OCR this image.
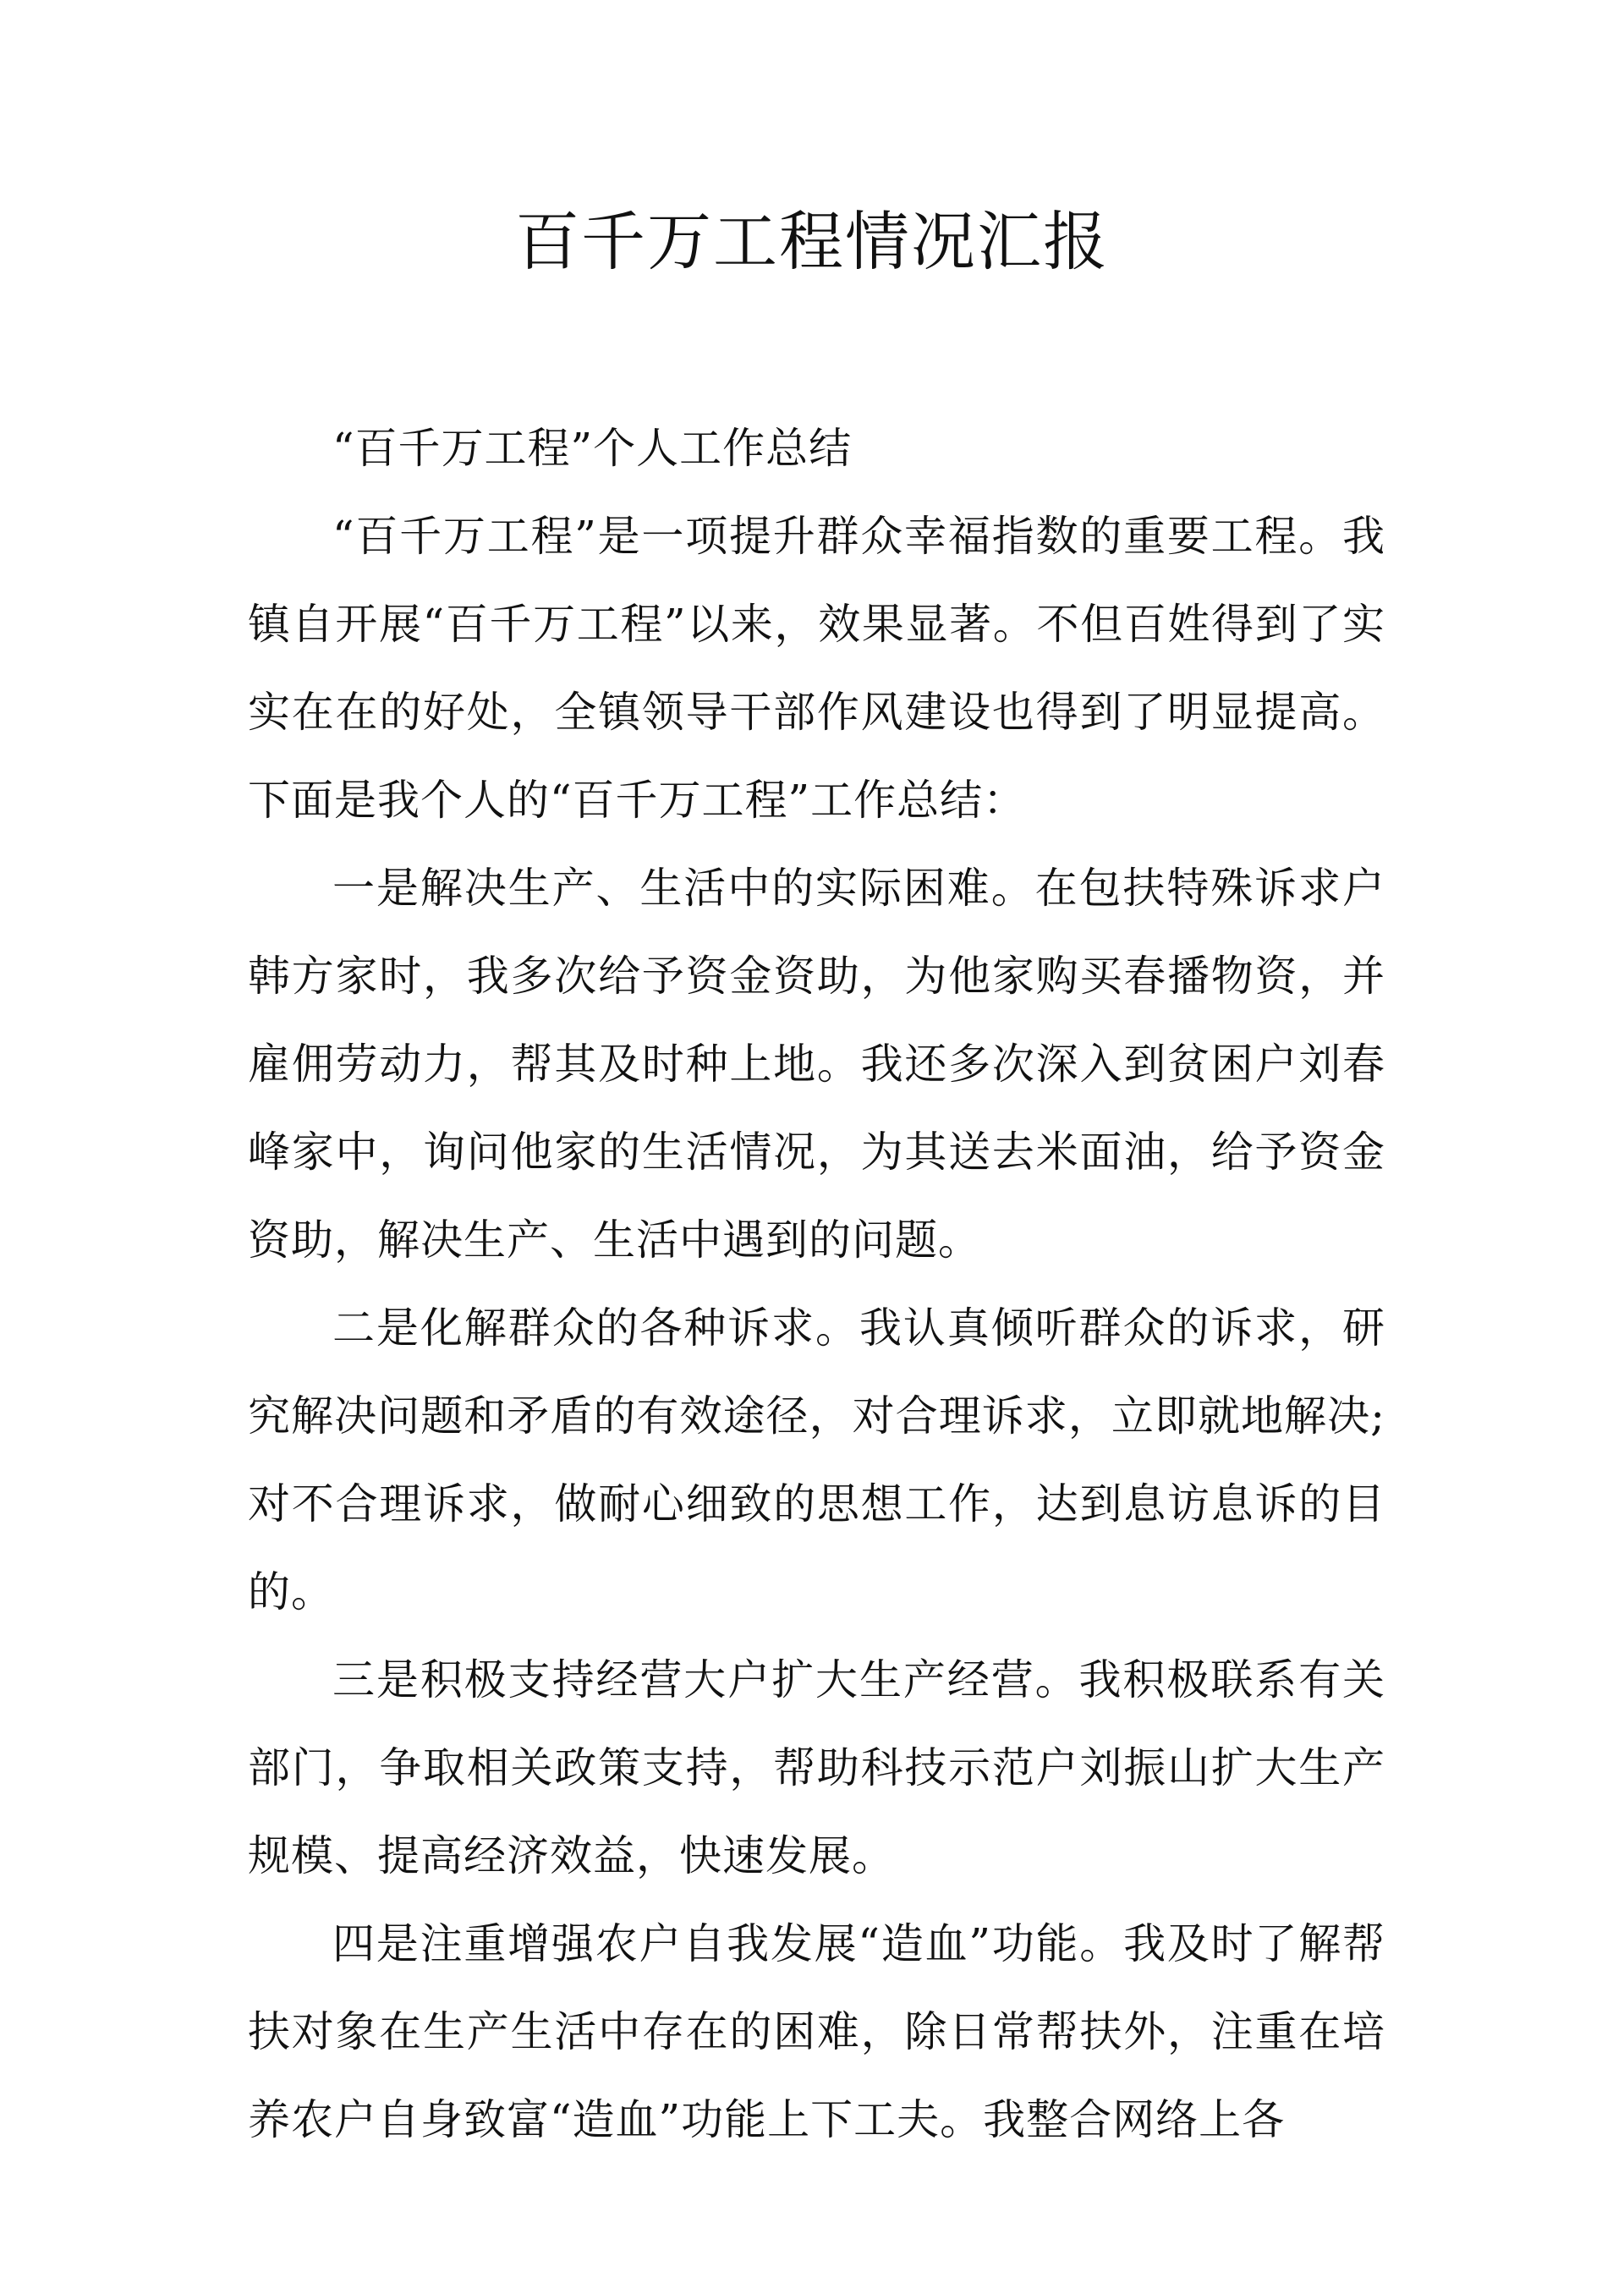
百千万工程情况汇报

“百千万工程”个人工作总结

“百千万工程”是一项提升群众幸福指数的重要工程。我镇自开展“百千万工程”以来，效果显著。不但百姓得到了实实在在的好处，全镇领导干部作风建设也得到了明显提高。下面是我个人的“百千万工程”工作总结：

一是解决生产、生活中的实际困难。在包扶特殊诉求户韩方家时，我多次给予资金资助，为他家购买春播物资，并雇佣劳动力，帮其及时种上地。我还多次深入到贫困户刘春峰家中，询问他家的生活情况，为其送去米面油，给予资金资助，解决生产、生活中遇到的问题。

二是化解群众的各种诉求。我认真倾听群众的诉求，研究解决问题和矛盾的有效途径，对合理诉求，立即就地解决;对不合理诉求，做耐心细致的思想工作，达到息访息诉的目的。

三是积极支持经营大户扩大生产经营。我积极联系有关部门，争取相关政策支持，帮助科技示范户刘振山扩大生产规模、提高经济效益，快速发展。

四是注重增强农户自我发展“造血”功能。我及时了解帮扶对象在生产生活中存在的困难，除日常帮扶外，注重在培养农户自身致富“造血”功能上下工夫。我整合网络上各
